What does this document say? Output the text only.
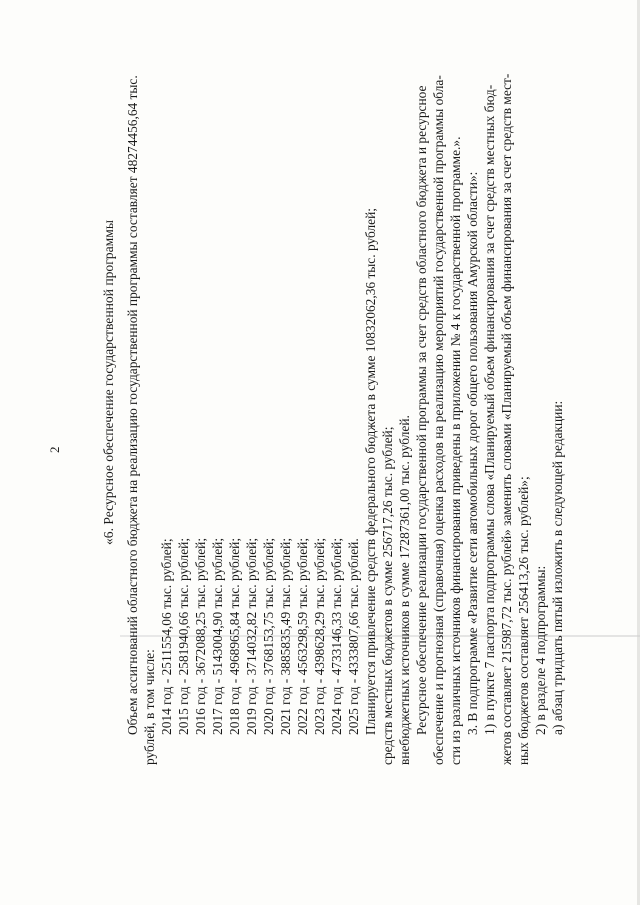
2	«6. Ресурсное обеспечение государственной программы Объем ассигнований областного бюджета на реализацию государственной программы составляет 48274456,64 тыс. рублей, в том числе: 2014 год - 2511554,06 тыс. рублей; 2015 год - 2581940,66 тыс. рублей; 2016 год - 3672088,25 тыс. рублей; 2017 год - 5143004,90 тыс. рублей; 2018 год - 4968965,84 тыс. рублей; 2019 год - 3714032,82 тыс. рублей; 2020 год - 3768153,75 тыс. рублей; 2021 год - 3885835,49 тыс. рублей; 2022 год - 4563298,59 тыс. рублей; 2023 год - 4398628,29 тыс. рублей; 2024 год - 4733146,33 тыс. рублей; 2025 год - 4333807,66 тыс. рублей. Планируется привлечение средств федерального бюджета в сумме 10832062,36 тыс. рублей; средств местных бюджетов в сумме 256717,26 тыс. рублей; внебюджетных источников в сумме 17287361,00 тыс. рублей. Ресурсное обеспечение реализации государственной программы за счет средств областного бюджета и ресурсное обеспечение и прогнозная (справочная) оценка расходов на реализацию мероприятий государственной программы обла- сти из различных источников финансирования приведены в приложении № 4 к государственной программе.». 3. В подпрограмме «Развитие сети автомобильных дорог общего пользования Амурской области»: 1) в пункте 7 паспорта подпрограммы слова «Планируемый объем финансирования за счет средств местных бюд- жетов составляет 215987,72 тыс. рублей» заменить словами «Планируемый объем финансирования за счет средств мест- ных бюджетов составляет 256413,26 тыс. рублей»; 2) в разделе 4 подпрограммы: а) абзац тридцать пятый изложить в следующей редакции:
